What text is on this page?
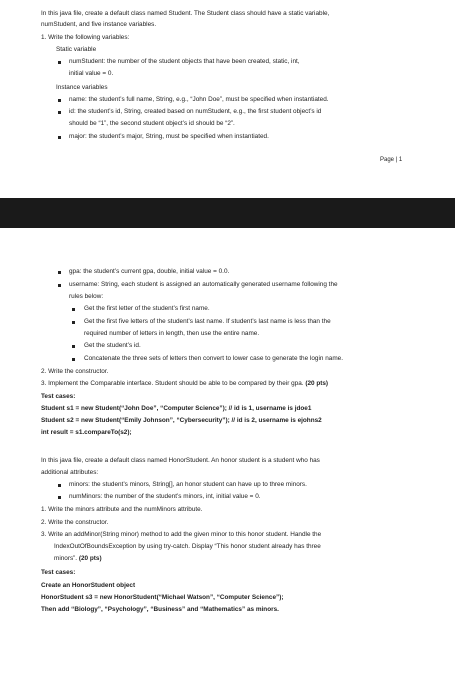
In this java file, create a default class named Student. The Student class should have a static variable,
numStudent, and five instance variables.
1. Write the following variables:
Static variable
numStudent: the number of the student objects that have been created, static, int,
initial value = 0.
Instance variables
name: the student’s full name, String, e.g., “John Doe”, must be specified when instantiated.
id: the student’s id, String, created based on numStudent, e.g., the first student object’s id
should be “1”, the second student object’s id should be “2”.
major: the student’s major, String, must be specified when instantiated.
Page | 1
gpa: the student’s current gpa, double, initial value = 0.0.
username: String, each student is assigned an automatically generated username following the
rules below:
Get the first letter of the student’s first name.
Get the first five letters of the student’s last name. If student’s last name is less than the
required number of letters in length, then use the entire name.
Get the student’s id.
Concatenate the three sets of letters then convert to lower case to generate the login name.
2. Write the constructor.
3. Implement the Comparable interface. Student should be able to be compared by their gpa. (20 pts)
Test cases:
Student s1 = new Student(“John Doe”, “Computer Science”); // id is 1, username is jdoe1
Student s2 = new Student(“Emily Johnson”, “Cybersecurity”); // id is 2, username is ejohns2
int result = s1.compareTo(s2);
In this java file, create a default class named HonorStudent. An honor student is a student who has
additional attributes:
minors: the student’s minors, String[], an honor student can have up to three minors.
numMinors: the number of the student’s minors, int, initial value = 0.
1. Write the minors attribute and the numMinors attribute.
2. Write the constructor.
3. Write an addMinor(String minor) method to add the given minor to this honor student. Handle the
IndexOutOfBoundsException by using try-catch. Display “This honor student already has three
minors”. (20 pts)
Test cases:
Create an HonorStudent object
HonorStudent s3 = new HonorStudent(“Michael Watson”, “Computer Science”);
Then add “Biology”, “Psychology”, “Business” and “Mathematics” as minors.
